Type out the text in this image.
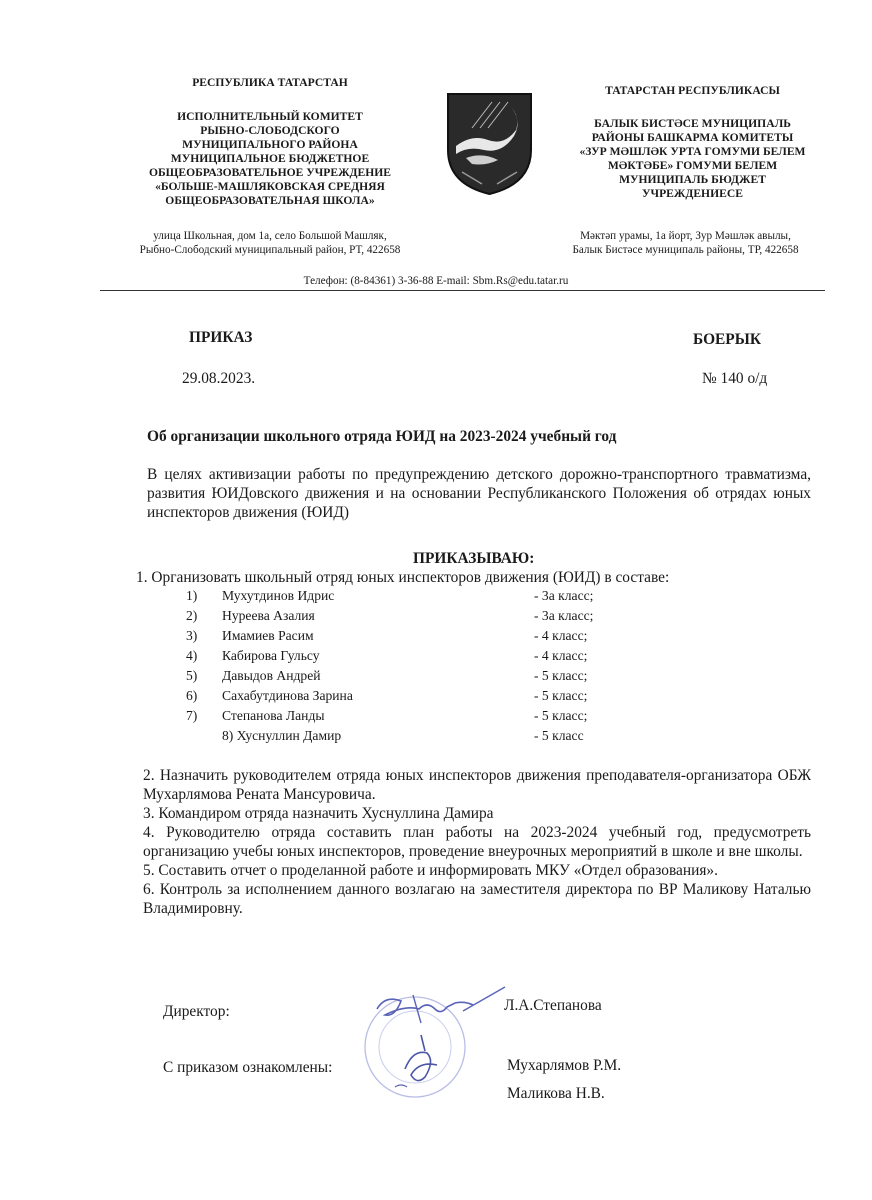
РЕСПУБЛИКА ТАТАРСТАН
ИСПОЛНИТЕЛЬНЫЙ КОМИТЕТ
РЫБНО-СЛОБОДСКОГО
МУНИЦИПАЛЬНОГО РАЙОНА
МУНИЦИПАЛЬНОЕ БЮДЖЕТНОЕ
ОБЩЕОБРАЗОВАТЕЛЬНОЕ УЧРЕЖДЕНИЕ
«БОЛЬШЕ-МАШЛЯКОВСКАЯ СРЕДНЯЯ
ОБЩЕОБРАЗОВАТЕЛЬНАЯ ШКОЛА»
улица Школьная, дом 1а, село Большой Машляк,
Рыбно-Слободский муниципальный район, РТ, 422658
ТАТАРСТАН РЕСПУБЛИКАСЫ
БАЛЫК БИСТӘСЕ МУНИЦИПАЛЬ
РАЙОНЫ БАШКАРМА КОМИТЕТЫ
«ЗУР МӘШЛӘК УРТА ГОМУМИ БЕЛЕМ
МӘКТӘБЕ» ГОМУМИ БЕЛЕМ
МУНИЦИПАЛЬ БЮДЖЕТ
УЧРЕЖДЕНИЕСЕ
Мәктәп урамы, 1а йорт, Зур Мәшләк авылы,
Балык Бистәсе муниципаль районы, ТР, 422658
Телефон: (8-84361) 3-36-88 E-mail: Sbm.Rs@edu.tatar.ru
ПРИКАЗ	БОЕРЫК
29.08.2023.	№ 140 о/д
Об организации школьного отряда ЮИД на 2023-2024 учебный год
В целях активизации работы по предупреждению детского дорожно-транспортного травматизма, развития ЮИДовского движения и на основании Республиканского Положения об отрядах юных инспекторов движения (ЮИД)
ПРИКАЗЫВАЮ:
1. Организовать школьный отряд юных инспекторов движения (ЮИД) в составе:
1) Мухутдинов Идрис	- 3а класс;
2) Нуреева Азалия	- 3а класс;
3) Имамиев Расим	- 4 класс;
4) Кабирова Гульсу	- 4 класс;
5) Давыдов Андрей	- 5 класс;
6) Сахабутдинова Зарина	- 5 класс;
7) Степанова Ланды	- 5 класс;
8) Хуснуллин Дамир	- 5 класс
2. Назначить руководителем отряда юных инспекторов движения преподавателя-организатора ОБЖ Мухарлямова Рената Мансуровича.
3. Командиром отряда назначить Хуснуллина Дамира
4. Руководителю отряда составить план работы на 2023-2024 учебный год, предусмотреть организацию учебы юных инспекторов, проведение внеурочных мероприятий в школе и вне школы.
5. Составить отчет о проделанной работе и информировать МКУ «Отдел образования».
6. Контроль за исполнением данного возлагаю на заместителя директора по ВР Маликову Наталью Владимировну.
Директор:	Л.А.Степанова
С приказом ознакомлены:	Мухарлямов Р.М.
Маликова Н.В.
